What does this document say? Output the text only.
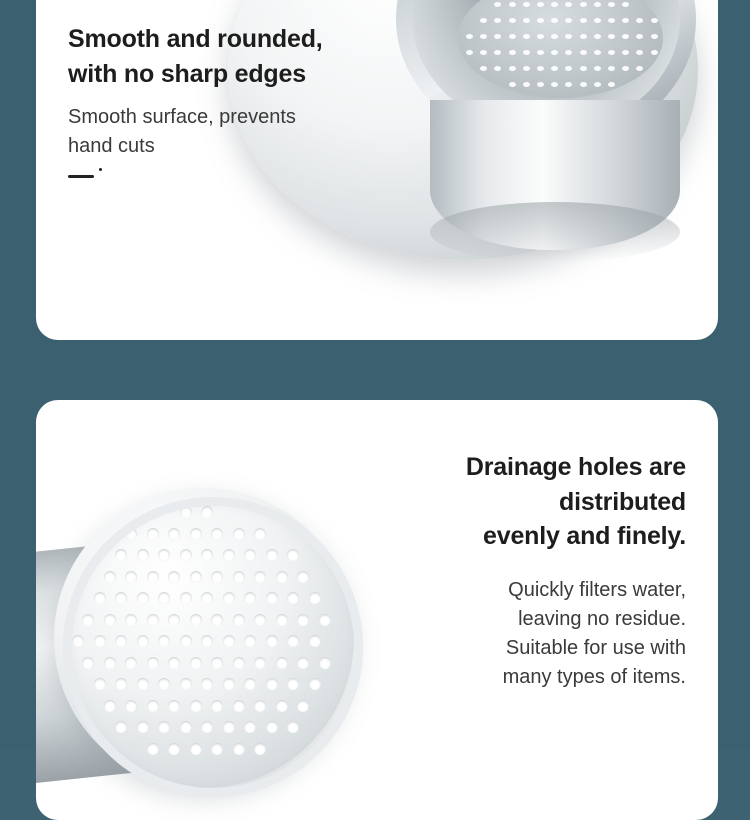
Smooth and rounded,
with no sharp edges
Smooth surface, prevents
hand cuts
Drainage holes are
distributed
evenly and finely.
Quickly filters water,
leaving no residue.
Suitable for use with
many types of items.
